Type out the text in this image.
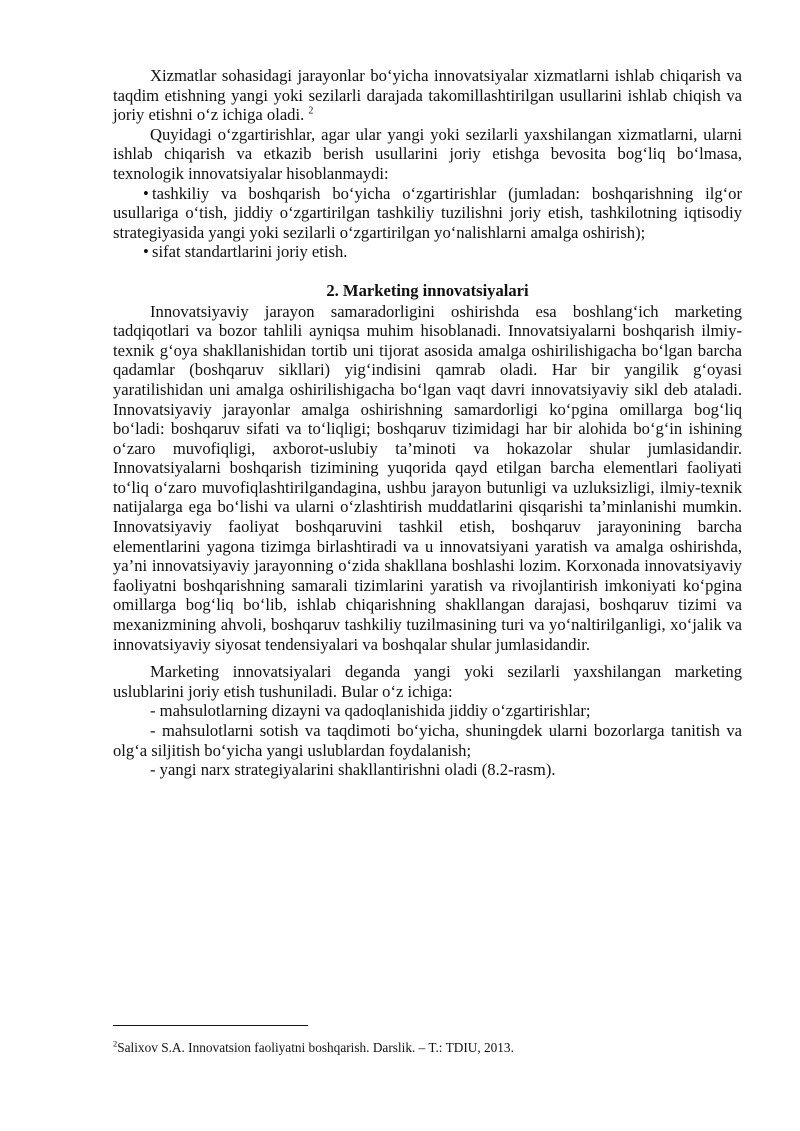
Xizmatlar sohasidagi jarayonlar bo‘yicha innovatsiyalar xizmatlarni ishlab chiqarish va taqdim etishning yangi yoki sezilarli darajada takomillashtirilgan usullarini ishlab chiqish va joriy etishni o‘z ichiga oladi. $^2$

Quyidagi o‘zgartirishlar, agar ular yangi yoki sezilarli yaxshilangan xizmatlarni, ularni ishlab chiqarish va etkazib berish usullarini joriy etishga bevosita bog‘liq bo‘lmasa, texnologik innovatsiyalar hisoblanmaydi:

• tashkiliy va boshqarish bo‘yicha o‘zgartirishlar (jumladan: boshqarishning ilg‘or usullariga o‘tish, jiddiy o‘zgartirilgan tashkiliy tuzilishni joriy etish, tashkilotning iqtisodiy strategiyasida yangi yoki sezilarli o‘zgartirilgan yo‘nalishlarni amalga oshirish);

• sifat standartlarini joriy etish.

2. Marketing innovatsiyalari

Innovatsiyaviy jarayon samaradorligini oshirishda esa boshlang‘ich marketing tadqiqotlari va bozor tahlili ayniqsa muhim hisoblanadi. Innovatsiyalarni boshqarish ilmiy-texnik g‘oya shakllanishidan tortib uni tijorat asosida amalga oshirilishigacha bo‘lgan barcha qadamlar (boshqaruv sikllari) yig‘indisini qamrab oladi. Har bir yangilik g‘oyasi yaratilishidan uni amalga oshirilishigacha bo‘lgan vaqt davri innovatsiyaviy sikl deb ataladi. Innovatsiyaviy jarayonlar amalga oshirishning samardorligi ko‘pgina omillarga bog‘liq bo‘ladi: boshqaruv sifati va to‘liqligi; boshqaruv tizimidagi har bir alohida bo‘g‘in ishining o‘zaro muvofiqligi, axborot-uslubiy ta’minoti va hokazolar shular jumlasidandir. Innovatsiyalarni boshqarish tizimining yuqorida qayd etilgan barcha elementlari faoliyati to‘liq o‘zaro muvofiqlashtirilgandagina, ushbu jarayon butunligi va uzluksizligi, ilmiy-texnik natijalarga ega bo‘lishi va ularni o‘zlashtirish muddatlarini qisqarishi ta’minlanishi mumkin. Innovatsiyaviy faoliyat boshqaruvini tashkil etish, boshqaruv jarayonining barcha elementlarini yagona tizimga birlashtiradi va u innovatsiyani yaratish va amalga oshirishda, ya’ni innovatsiyaviy jarayonning o‘zida shakllana boshlashi lozim. Korxonada innovatsiyaviy faoliyatni boshqarishning samarali tizimlarini yaratish va rivojlantirish imkoniyati ko‘pgina omillarga bog‘liq bo‘lib, ishlab chiqarishning shakllangan darajasi, boshqaruv tizimi va mexanizmining ahvoli, boshqaruv tashkiliy tuzilmasining turi va yo‘naltirilganligi, xo‘jalik va innovatsiyaviy siyosat tendensiyalari va boshqalar shular jumlasidandir.

Marketing innovatsiyalari deganda yangi yoki sezilarli yaxshilangan marketing uslublarini joriy etish tushuniladi. Bular o‘z ichiga:

- mahsulotlarning dizayni va qadoqlanishida jiddiy o‘zgartirishlar;

- mahsulotlarni sotish va taqdimoti bo‘yicha, shuningdek ularni bozorlarga tanitish va olg‘a siljitish bo‘yicha yangi uslublardan foydalanish;

- yangi narx strategiyalarini shakllantirishni oladi (8.2-rasm).

$^2$Salixov S.A. Innovatsion faoliyatni boshqarish. Darslik. – T.: TDIU, 2013.
